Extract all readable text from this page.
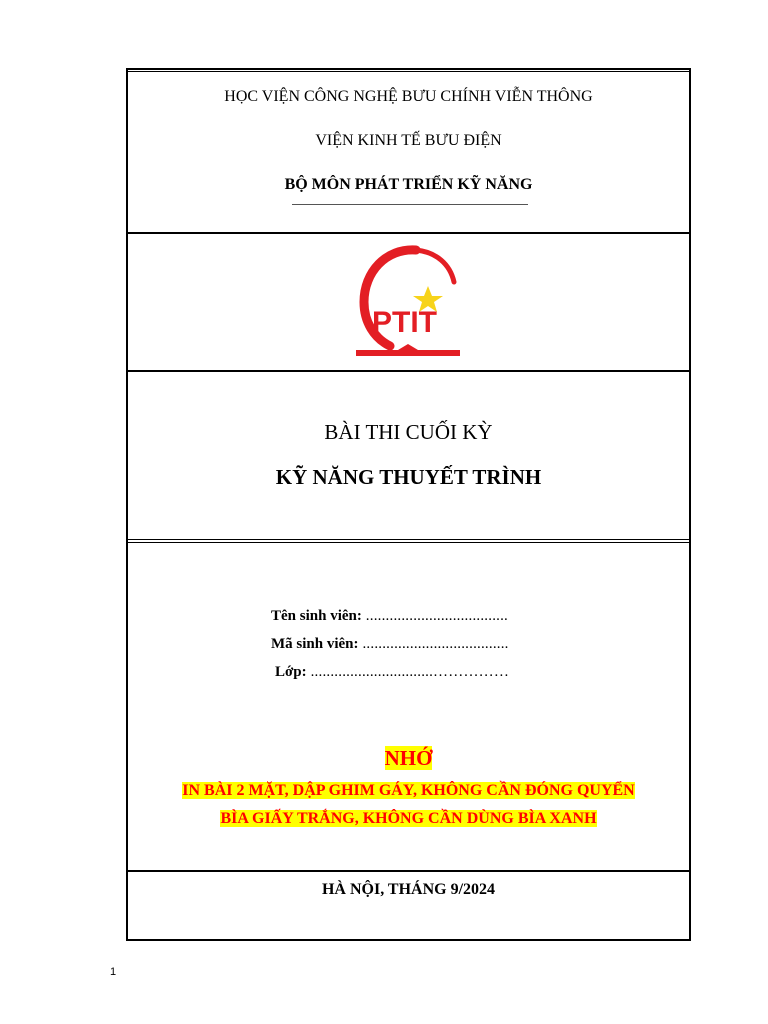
HỌC VIỆN CÔNG NGHỆ BƯU CHÍNH VIỄN THÔNG
VIỆN KINH TẾ BƯU ĐIỆN
BỘ MÔN PHÁT TRIỂN KỸ NĂNG
PTIT
BÀI THI CUỐI KỲ
KỸ NĂNG THUYẾT TRÌNH
Tên sinh viên: ....................................
Mã sinh viên: .....................................
Lớp: ...............................……………
NHỚ
IN BÀI 2 MẶT, DẬP GHIM GÁY, KHÔNG CẦN ĐÓNG QUYỂN
BÌA GIẤY TRẮNG, KHÔNG CẦN DÙNG BÌA XANH
HÀ NỘI, THÁNG 9/2024
1
